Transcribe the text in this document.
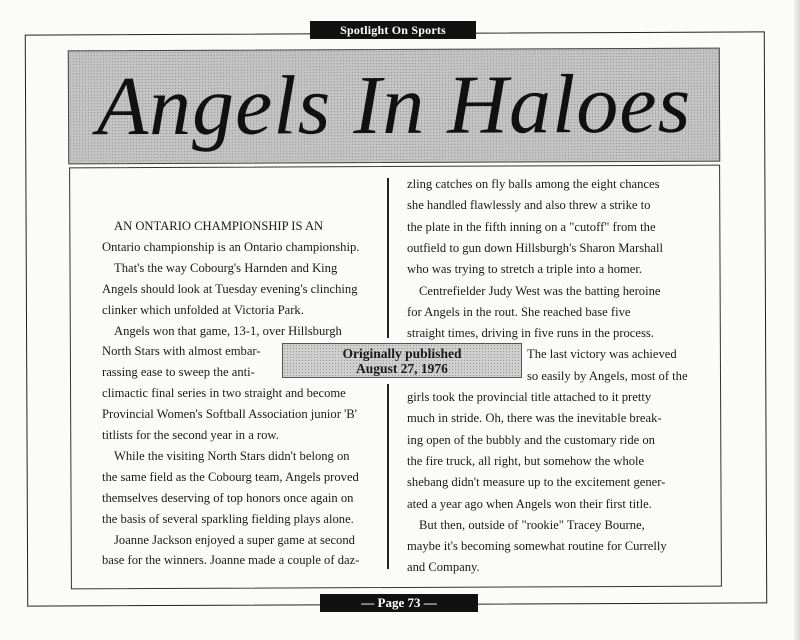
Spotlight On Sports
Angels In Haloes
AN ONTARIO CHAMPIONSHIP IS AN
Ontario championship is an Ontario championship.
That's the way Cobourg's Harnden and King
Angels should look at Tuesday evening's clinching
clinker which unfolded at Victoria Park.
Angels won that game, 13-1, over Hillsburgh
North Stars with almost embar-
rassing ease to sweep the anti-
climactic final series in two straight and become
Provincial Women's Softball Association junior 'B'
titlists for the second year in a row.
While the visiting North Stars didn't belong on
the same field as the Cobourg team, Angels proved
themselves deserving of top honors once again on
the basis of several sparkling fielding plays alone.
Joanne Jackson enjoyed a super game at second
base for the winners. Joanne made a couple of daz-
zling catches on fly balls among the eight chances
she handled flawlessly and also threw a strike to
the plate in the fifth inning on a "cutoff" from the
outfield to gun down Hillsburgh's Sharon Marshall
who was trying to stretch a triple into a homer.
Centrefielder Judy West was the batting heroine
for Angels in the rout. She reached base five
straight times, driving in five runs in the process.
The last victory was achieved
so easily by Angels, most of the
girls took the provincial title attached to it pretty
much in stride. Oh, there was the inevitable break-
ing open of the bubbly and the customary ride on
the fire truck, all right, but somehow the whole
shebang didn't measure up to the excitement gener-
ated a year ago when Angels won their first title.
But then, outside of "rookie" Tracey Bourne,
maybe it's becoming somewhat routine for Currelly
and Company.
Originally published
August 27, 1976
— Page 73 —
